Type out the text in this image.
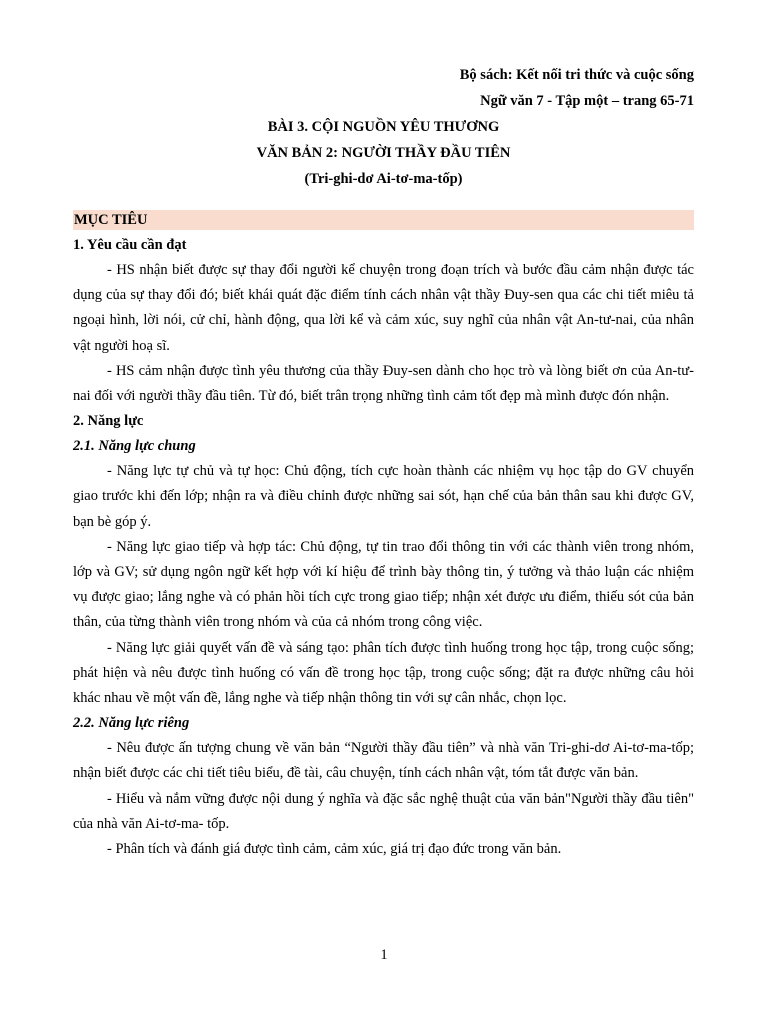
Bộ sách: Kết nối tri thức và cuộc sống
Ngữ văn 7 - Tập một – trang 65-71
BÀI 3. CỘI NGUỒN YÊU THƯƠNG
VĂN BẢN 2: NGƯỜI THẦY ĐẦU TIÊN
(Tri-ghi-dơ Ai-tơ-ma-tốp)
MỤC TIÊU
1. Yêu cầu cần đạt
- HS nhận biết được sự thay đổi người kể chuyện trong đoạn trích và bước đầu cảm nhận được tác dụng của sự thay đổi đó; biết khái quát đặc điểm tính cách nhân vật thầy Đuy-sen qua các chi tiết miêu tả ngoại hình, lời nói, cử chỉ, hành động, qua lời kể và cảm xúc, suy nghĩ của nhân vật An-tư-nai, của nhân vật người hoạ sĩ.
- HS cảm nhận được tình yêu thương của thầy Đuy-sen dành cho học trò và lòng biết ơn của An-tư-nai đối với người thầy đầu tiên. Từ đó, biết trân trọng những tình cảm tốt đẹp mà mình được đón nhận.
2. Năng lực
2.1. Năng lực chung
- Năng lực tự chủ và tự học: Chủ động, tích cực hoàn thành các nhiệm vụ học tập do GV chuyển giao trước khi đến lớp; nhận ra và điều chỉnh được những sai sót, hạn chế của bản thân sau khi được GV, bạn bè góp ý.
- Năng lực giao tiếp và hợp tác: Chủ động, tự tin trao đổi thông tin với các thành viên trong nhóm, lớp và GV; sử dụng ngôn ngữ kết hợp với kí hiệu để trình bày thông tin, ý tưởng và thảo luận các nhiệm vụ được giao; lắng nghe và có phản hồi tích cực trong giao tiếp; nhận xét được ưu điểm, thiếu sót của bản thân, của từng thành viên trong nhóm và của cả nhóm trong công việc.
- Năng lực giải quyết vấn đề và sáng tạo: phân tích được tình huống trong học tập, trong cuộc sống; phát hiện và nêu được tình huống có vấn đề trong học tập, trong cuộc sống; đặt ra được những câu hỏi khác nhau về một vấn đề, lắng nghe và tiếp nhận thông tin với sự cân nhắc, chọn lọc.
2.2. Năng lực riêng
- Nêu được ấn tượng chung về văn bản “Người thầy đầu tiên” và nhà văn Tri-ghi-dơ Ai-tơ-ma-tốp; nhận biết được các chi tiết tiêu biểu, đề tài, câu chuyện, tính cách nhân vật, tóm tắt được văn bản.
- Hiểu và nắm vững được nội dung ý nghĩa và đặc sắc nghệ thuật của văn bản"Người thầy đầu tiên" của nhà văn Ai-tơ-ma- tốp.
- Phân tích và đánh giá được tình cảm, cảm xúc, giá trị đạo đức trong văn bản.
1
